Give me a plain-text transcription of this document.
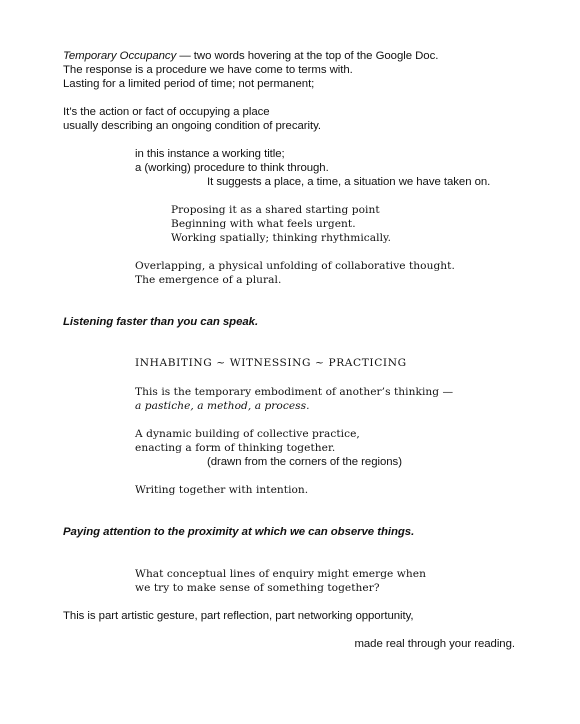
Temporary Occupancy — two words hovering at the top of the Google Doc.
The response is a procedure we have come to terms with.
Lasting for a limited period of time; not permanent;
It’s the action or fact of occupying a place
usually describing an ongoing condition of precarity.
in this instance a working title;
a (working) procedure to think through.
It suggests a place, a time, a situation we have taken on.
Proposing it as a shared starting point
Beginning with what feels urgent.
Working spatially; thinking rhythmically.
Overlapping, a physical unfolding of collaborative thought.
The emergence of a plural.
Listening faster than you can speak.
INHABITING ~ WITNESSING ~ PRACTICING
This is the temporary embodiment of another’s thinking —
a pastiche, a method, a process.
A dynamic building of collective practice,
enacting a form of thinking together.
(drawn from the corners of the regions)
Writing together with intention.
Paying attention to the proximity at which we can observe things.
What conceptual lines of enquiry might emerge when
we try to make sense of something together?
This is part artistic gesture, part reflection, part networking opportunity,
made real through your reading.
